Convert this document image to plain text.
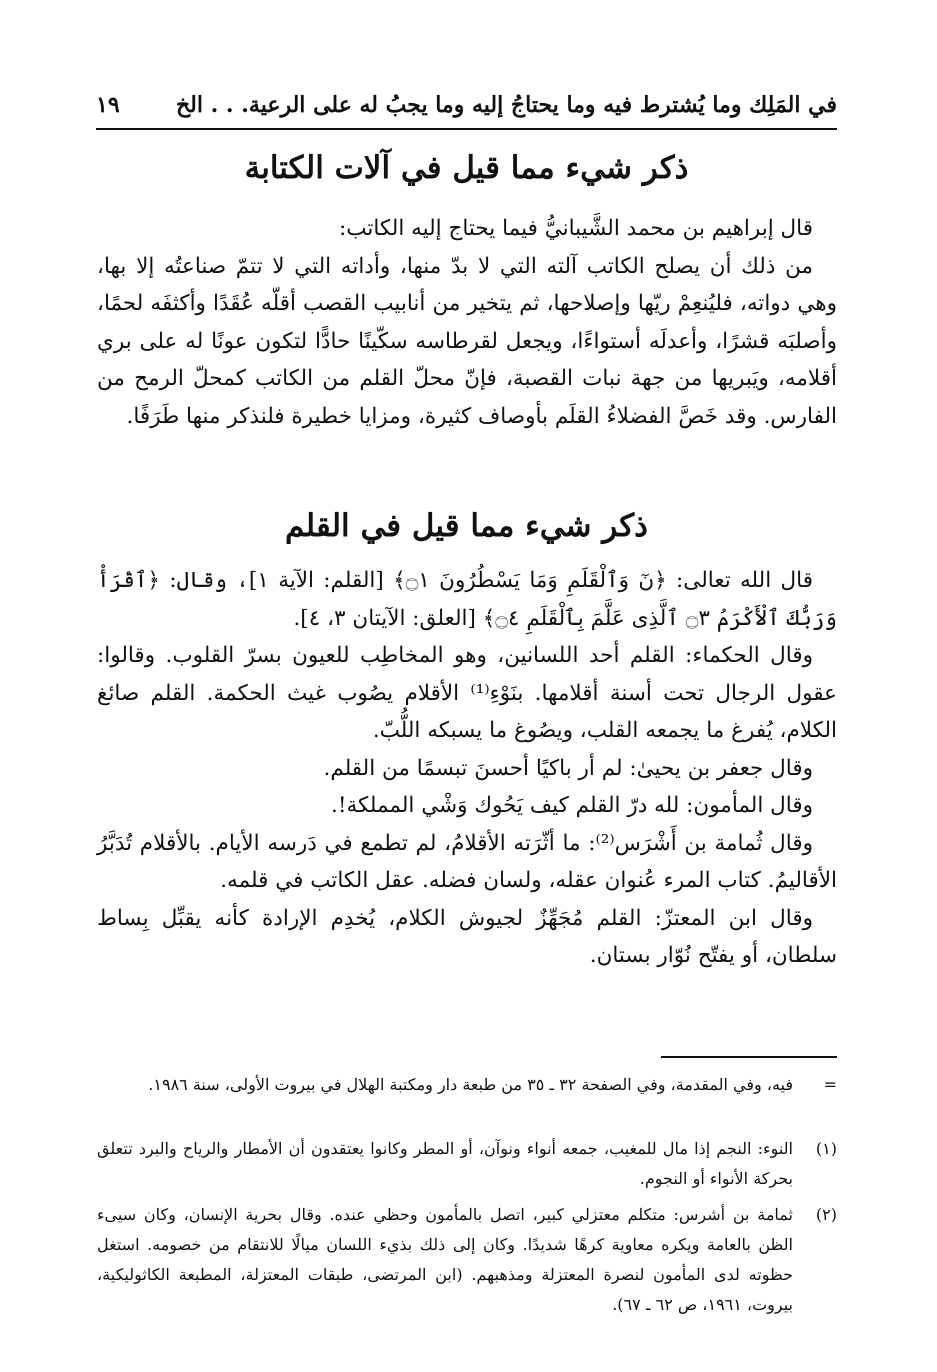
في المَلِك وما يُشترط فيه وما يحتاجُ إليه وما يجبُ له على الرعية. . . الخ
١٩
ذكر شيء مما قيل في آلات الكتابة

قال إبراهيم بن محمد الشَّيبانيُّ فيما يحتاج إليه الكاتب:

من ذلك أن يصلح الكاتب آلته التي لا بدّ منها، وأداته التي لا تتمّ صناعتُه إلا بها، وهي دواته، فليُنعِمْ ريّها وإصلاحها، ثم يتخير من أنابيب القصب أقلّه عُقَدًا وأكثفَه لحمًا، وأصلبَه قشرًا، وأعدلَه أستواءًا، ويجعل لقرطاسه سكّينًا حادًّا لتكون عونًا له على بري أقلامه، ويَبريها من جهة نبات القصبة، فإنّ محلّ القلم من الكاتب كمحلّ الرمح من الفارس. وقد خَصَّ الفضلاءُ القلَم بأوصاف كثيرة، ومزايا خطيرة فلنذكر منها طَرَفًا.

ذكر شيء مما قيل في القلم

قال الله تعالى: ﴿نٓ وَٱلْقَلَمِ وَمَا يَسْطُرُونَ ۝١﴾ [القلم: الآية ١]، وقال: ﴿ٱقْرَأْ وَرَبُّكَ ٱلْأَكْرَمُ ۝٣ ٱلَّذِى عَلَّمَ بِٱلْقَلَمِ ۝٤﴾ [العلق: الآيتان ٣، ٤].

وقال الحكماء: القلم أحد اللسانين، وهو المخاطِب للعيون بسرّ القلوب. وقالوا: عقول الرجال تحت أسنة أقلامها. بنَوْءِ⁽¹⁾ الأقلام يصُوب غيث الحكمة. القلم صائغ الكلام، يُفرغ ما يجمعه القلب، ويصُوغ ما يسبكه اللُّبّ.

وقال جعفر بن يحيىٰ: لم أر باكيًا أحسنَ تبسمًا من القلم.

وقال المأمون: لله درّ القلم كيف يَحُوك وَشْي المملكة!.

وقال ثُمامة بن أَشْرَس⁽²⁾: ما أثّرَته الأقلامُ، لم تطمع في دَرسه الأيام. بالأقلام تُدَبَّرُ الأقاليمُ. كتاب المرء عُنوان عقله، ولسان فضله. عقل الكاتب في قلمه.

وقال ابن المعتزّ: القلم مُجَهِّزٌ لجيوش الكلام، يُخدِم الإرادة كأنه يقبِّل بِساط سلطان، أو يفتّح نُوّار بستان.

=
فيه، وفي المقدمة، وفي الصفحة ٣٢ ـ ٣٥ من طبعة دار ومكتبة الهلال في بيروت الأولى، سنة ١٩٨٦.
(١)
النوء: النجم إذا مال للمغيب، جمعه أنواء ونوآن، أو المطر وكانوا يعتقدون أن الأمطار والرياح والبرد تتعلق بحركة الأنواء أو النجوم.
(٢)
ثمامة بن أشرس: متكلم معتزلي كبير، اتصل بالمأمون وحظي عنده. وقال بحرية الإنسان، وكان سيىء الظن بالعامة ويكره معاوية كرهًا شديدًا. وكان إلى ذلك بذيء اللسان ميالًا للانتقام من خصومه. استغل حظوته لدى المأمون لنصرة المعتزلة ومذهبهم. (ابن المرتضى، طبقات المعتزلة، المطبعة الكاثوليكية، بيروت، ١٩٦١، ص ٦٢ ـ ٦٧).
